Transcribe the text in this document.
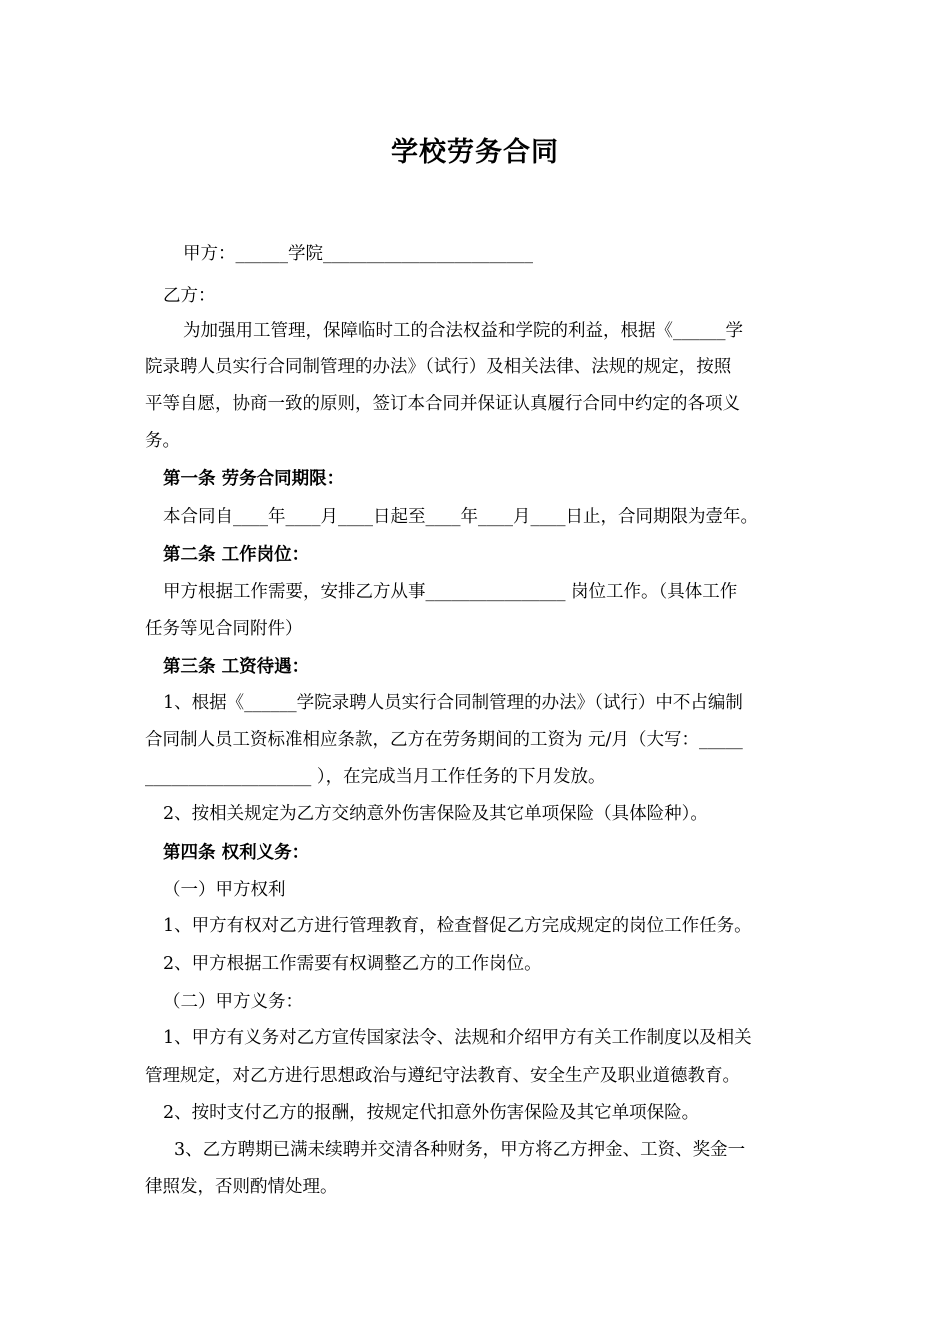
学校劳务合同
甲方：______学院________________________
乙方：
为加强用工管理，保障临时工的合法权益和学院的利益，根据《______学
院录聘人员实行合同制管理的办法》（试行）及相关法律、法规的规定，按照
平等自愿，协商一致的原则，签订本合同并保证认真履行合同中约定的各项义
务。
第一条 劳务合同期限：
本合同自____年____月____日起至____年____月____日止，合同期限为壹年。
第二条 工作岗位：
甲方根据工作需要，安排乙方从事________________ 岗位工作。（具体工作
任务等见合同附件）
第三条 工资待遇：
1、根据《______学院录聘人员实行合同制管理的办法》（试行）中不占编制
合同制人员工资标准相应条款，乙方在劳务期间的工资为 元/月（大写：_____
___________________ ），在完成当月工作任务的下月发放。
2、按相关规定为乙方交纳意外伤害保险及其它单项保险（具体险种）。
第四条 权利义务：
（一）甲方权利
1、甲方有权对乙方进行管理教育，检查督促乙方完成规定的岗位工作任务。
2、甲方根据工作需要有权调整乙方的工作岗位。
（二）甲方义务：
1、甲方有义务对乙方宣传国家法令、法规和介绍甲方有关工作制度以及相关
管理规定，对乙方进行思想政治与遵纪守法教育、安全生产及职业道德教育。
2、按时支付乙方的报酬，按规定代扣意外伤害保险及其它单项保险。
3、乙方聘期已满未续聘并交清各种财务，甲方将乙方押金、工资、奖金一
律照发，否则酌情处理。
